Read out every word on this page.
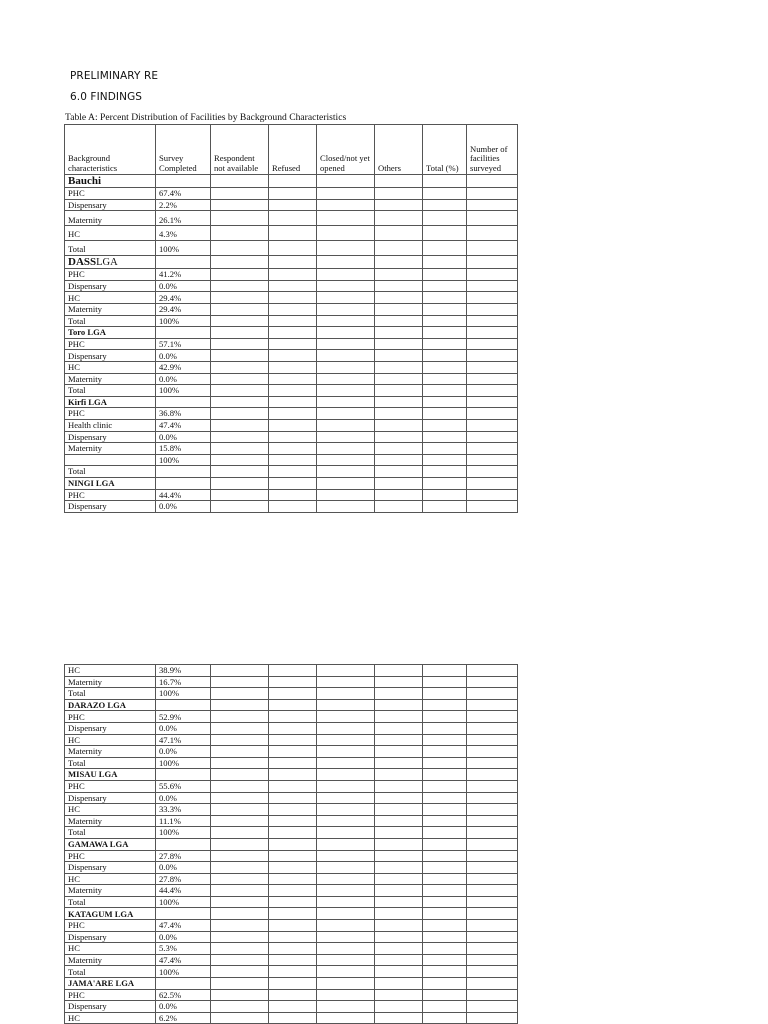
PRELIMINARY RE
6.0 FINDINGS
Table A: Percent Distribution of Facilities by Background Characteristics
Background characteristics	Survey Completed	Respondent not available	Refused	Closed/not yet opened	Others	Total (%)	Number of facilities surveyed
Bauchi							
PHC	67.4%						
Dispensary	2.2%						
Maternity	26.1%						
HC	4.3%						
Total	100%						
DASSLGA							
PHC	41.2%						
Dispensary	0.0%						
HC	29.4%						
Maternity	29.4%						
Total	100%						
Toro LGA							
PHC	57.1%						
Dispensary	0.0%						
HC	42.9%						
Maternity	0.0%						
Total	100%						
Kirfi LGA							
PHC	36.8%						
Health clinic	47.4%						
Dispensary	0.0%						
Maternity	15.8%						
	100%						
Total							
NINGI LGA							
PHC	44.4%						
Dispensary	0.0%						
HC	38.9%						
Maternity	16.7%						
Total	100%						
DARAZO LGA							
PHC	52.9%						
Dispensary	0.0%						
HC	47.1%						
Maternity	0.0%						
Total	100%						
MISAU LGA							
PHC	55.6%						
Dispensary	0.0%						
HC	33.3%						
Maternity	11.1%						
Total	100%						
GAMAWA LGA							
PHC	27.8%						
Dispensary	0.0%						
HC	27.8%						
Maternity	44.4%						
Total	100%						
KATAGUM LGA							
PHC	47.4%						
Dispensary	0.0%						
HC	5.3%						
Maternity	47.4%						
Total	100%						
JAMA'ARE LGA							
PHC	62.5%						
Dispensary	0.0%						
HC	6.2%						
